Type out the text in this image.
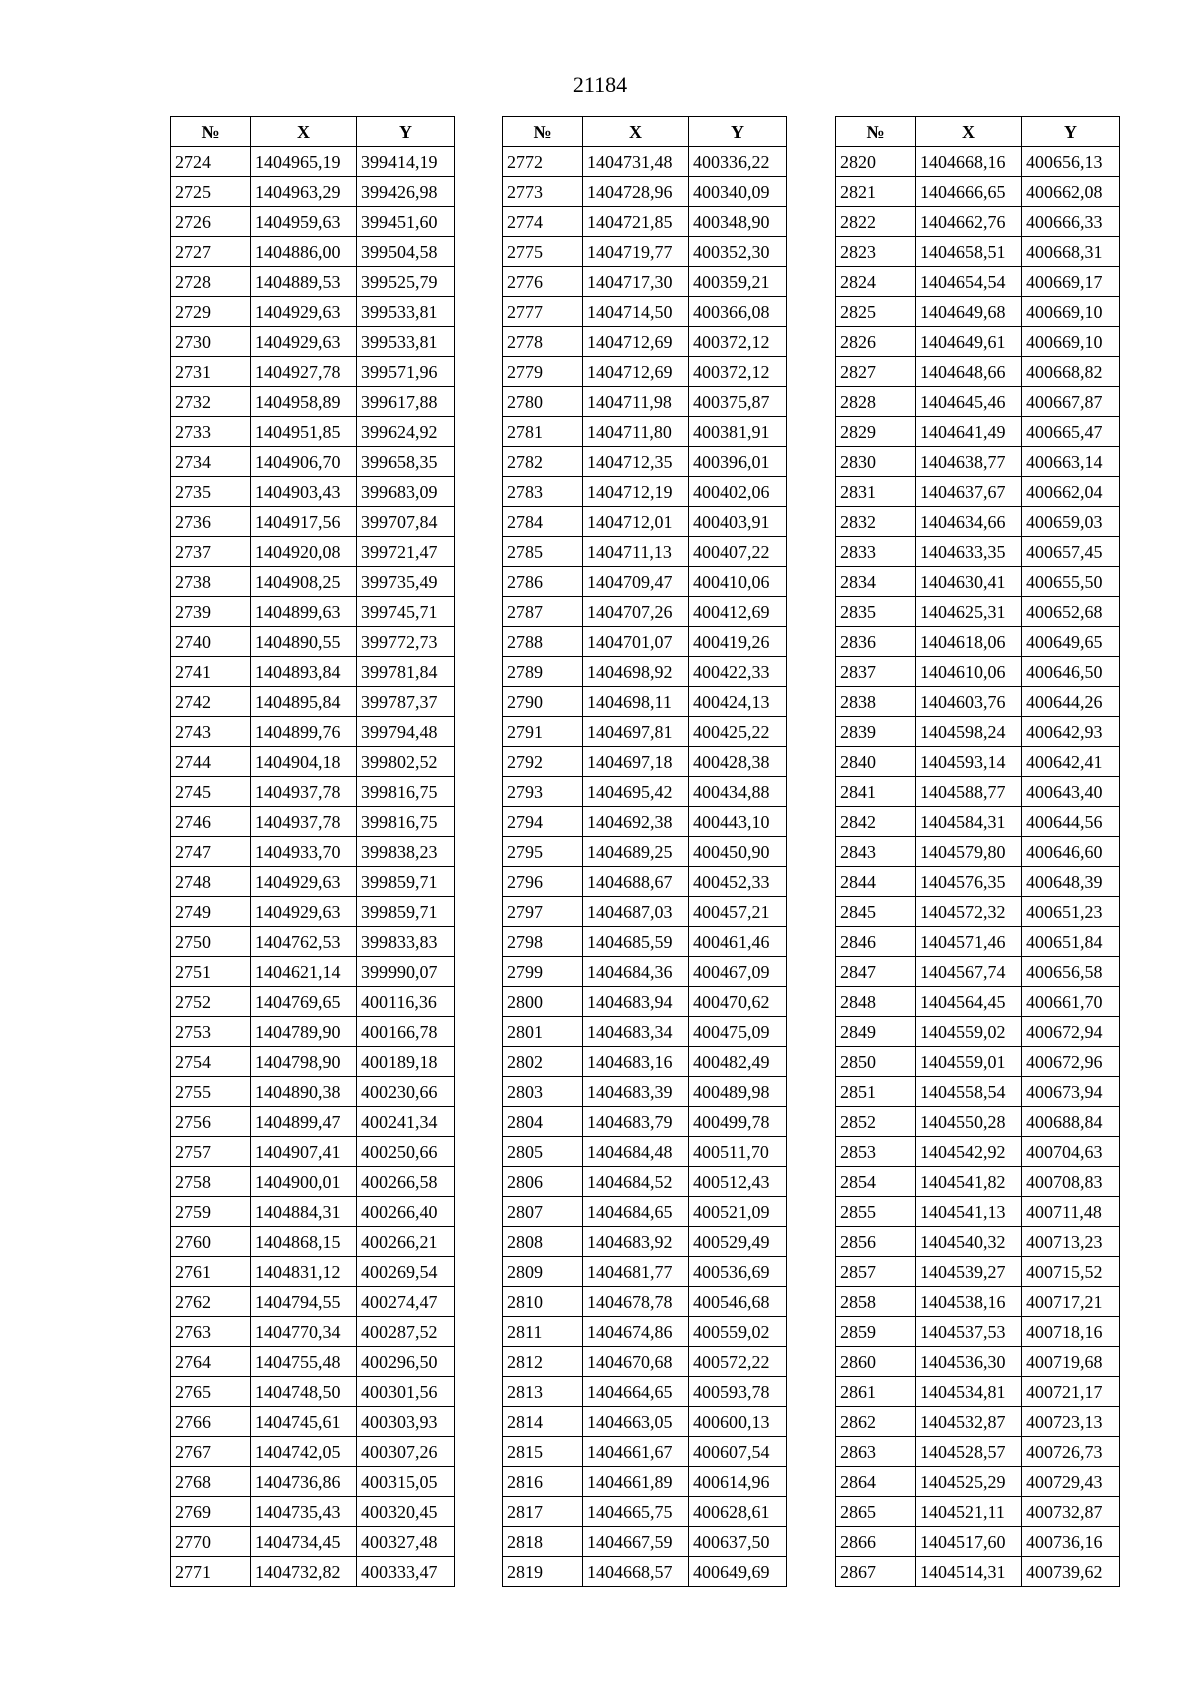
21184
№	X	Y
2724	1404965,19	399414,19
2725	1404963,29	399426,98
2726	1404959,63	399451,60
2727	1404886,00	399504,58
2728	1404889,53	399525,79
2729	1404929,63	399533,81
2730	1404929,63	399533,81
2731	1404927,78	399571,96
2732	1404958,89	399617,88
2733	1404951,85	399624,92
2734	1404906,70	399658,35
2735	1404903,43	399683,09
2736	1404917,56	399707,84
2737	1404920,08	399721,47
2738	1404908,25	399735,49
2739	1404899,63	399745,71
2740	1404890,55	399772,73
2741	1404893,84	399781,84
2742	1404895,84	399787,37
2743	1404899,76	399794,48
2744	1404904,18	399802,52
2745	1404937,78	399816,75
2746	1404937,78	399816,75
2747	1404933,70	399838,23
2748	1404929,63	399859,71
2749	1404929,63	399859,71
2750	1404762,53	399833,83
2751	1404621,14	399990,07
2752	1404769,65	400116,36
2753	1404789,90	400166,78
2754	1404798,90	400189,18
2755	1404890,38	400230,66
2756	1404899,47	400241,34
2757	1404907,41	400250,66
2758	1404900,01	400266,58
2759	1404884,31	400266,40
2760	1404868,15	400266,21
2761	1404831,12	400269,54
2762	1404794,55	400274,47
2763	1404770,34	400287,52
2764	1404755,48	400296,50
2765	1404748,50	400301,56
2766	1404745,61	400303,93
2767	1404742,05	400307,26
2768	1404736,86	400315,05
2769	1404735,43	400320,45
2770	1404734,45	400327,48
2771	1404732,82	400333,47
№	X	Y
2772	1404731,48	400336,22
2773	1404728,96	400340,09
2774	1404721,85	400348,90
2775	1404719,77	400352,30
2776	1404717,30	400359,21
2777	1404714,50	400366,08
2778	1404712,69	400372,12
2779	1404712,69	400372,12
2780	1404711,98	400375,87
2781	1404711,80	400381,91
2782	1404712,35	400396,01
2783	1404712,19	400402,06
2784	1404712,01	400403,91
2785	1404711,13	400407,22
2786	1404709,47	400410,06
2787	1404707,26	400412,69
2788	1404701,07	400419,26
2789	1404698,92	400422,33
2790	1404698,11	400424,13
2791	1404697,81	400425,22
2792	1404697,18	400428,38
2793	1404695,42	400434,88
2794	1404692,38	400443,10
2795	1404689,25	400450,90
2796	1404688,67	400452,33
2797	1404687,03	400457,21
2798	1404685,59	400461,46
2799	1404684,36	400467,09
2800	1404683,94	400470,62
2801	1404683,34	400475,09
2802	1404683,16	400482,49
2803	1404683,39	400489,98
2804	1404683,79	400499,78
2805	1404684,48	400511,70
2806	1404684,52	400512,43
2807	1404684,65	400521,09
2808	1404683,92	400529,49
2809	1404681,77	400536,69
2810	1404678,78	400546,68
2811	1404674,86	400559,02
2812	1404670,68	400572,22
2813	1404664,65	400593,78
2814	1404663,05	400600,13
2815	1404661,67	400607,54
2816	1404661,89	400614,96
2817	1404665,75	400628,61
2818	1404667,59	400637,50
2819	1404668,57	400649,69
№	X	Y
2820	1404668,16	400656,13
2821	1404666,65	400662,08
2822	1404662,76	400666,33
2823	1404658,51	400668,31
2824	1404654,54	400669,17
2825	1404649,68	400669,10
2826	1404649,61	400669,10
2827	1404648,66	400668,82
2828	1404645,46	400667,87
2829	1404641,49	400665,47
2830	1404638,77	400663,14
2831	1404637,67	400662,04
2832	1404634,66	400659,03
2833	1404633,35	400657,45
2834	1404630,41	400655,50
2835	1404625,31	400652,68
2836	1404618,06	400649,65
2837	1404610,06	400646,50
2838	1404603,76	400644,26
2839	1404598,24	400642,93
2840	1404593,14	400642,41
2841	1404588,77	400643,40
2842	1404584,31	400644,56
2843	1404579,80	400646,60
2844	1404576,35	400648,39
2845	1404572,32	400651,23
2846	1404571,46	400651,84
2847	1404567,74	400656,58
2848	1404564,45	400661,70
2849	1404559,02	400672,94
2850	1404559,01	400672,96
2851	1404558,54	400673,94
2852	1404550,28	400688,84
2853	1404542,92	400704,63
2854	1404541,82	400708,83
2855	1404541,13	400711,48
2856	1404540,32	400713,23
2857	1404539,27	400715,52
2858	1404538,16	400717,21
2859	1404537,53	400718,16
2860	1404536,30	400719,68
2861	1404534,81	400721,17
2862	1404532,87	400723,13
2863	1404528,57	400726,73
2864	1404525,29	400729,43
2865	1404521,11	400732,87
2866	1404517,60	400736,16
2867	1404514,31	400739,62
